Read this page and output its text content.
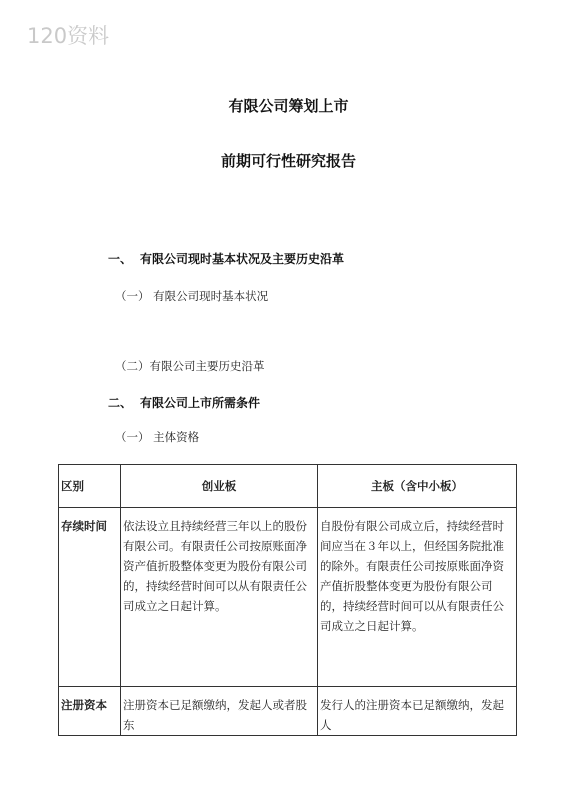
120资料
有限公司筹划上市
前期可行性研究报告
一、 有限公司现时基本状况及主要历史沿革
（一） 有限公司现时基本状况
（二）有限公司主要历史沿革
二、 有限公司上市所需条件
（一） 主体资格
区别	创业板	主板（含中小板）
存续时间	依法设立且持续经营三年以上的股份有限公司。有限责任公司按原账面净资产值折股整体变更为股份有限公司的，持续经营时间可以从有限责任公司成立之日起计算。	自股份有限公司成立后，持续经营时间应当在３年以上，但经国务院批准的除外。有限责任公司按原账面净资产值折股整体变更为股份有限公司的，持续经营时间可以从有限责任公司成立之日起计算。
注册资本	注册资本已足额缴纳，发起人或者股东	发行人的注册资本已足额缴纳，发起人
